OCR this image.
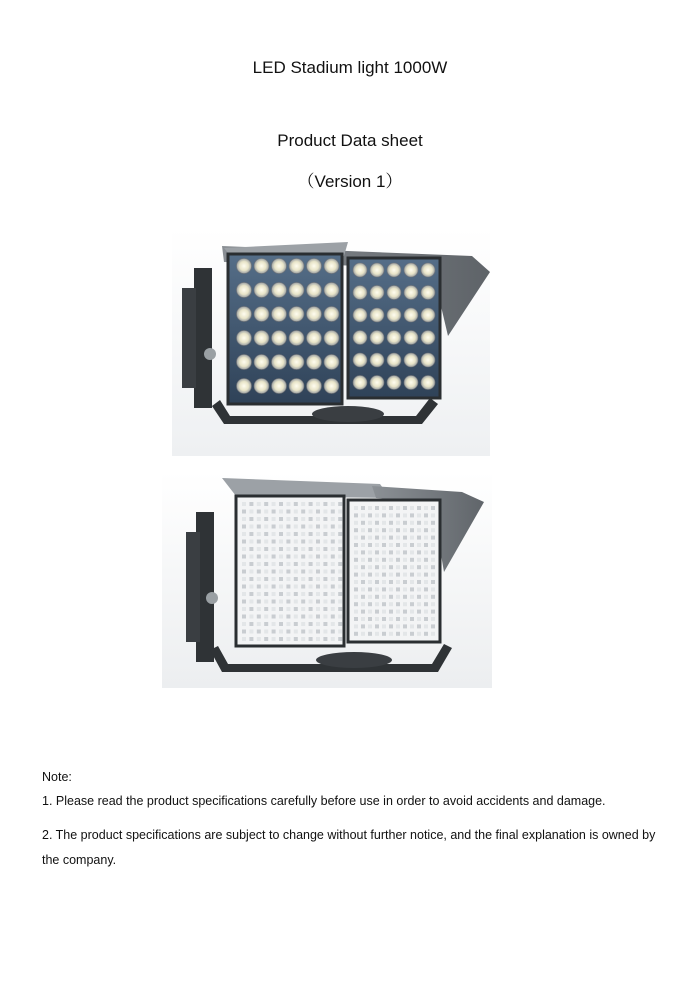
LED Stadium light 1000W
Product Data sheet
（Version 1）

Note:

1. Please read the product specifications carefully before use in order to avoid accidents and damage.

2. The product specifications are subject to change without further notice, and the final explanation is owned by the company.
